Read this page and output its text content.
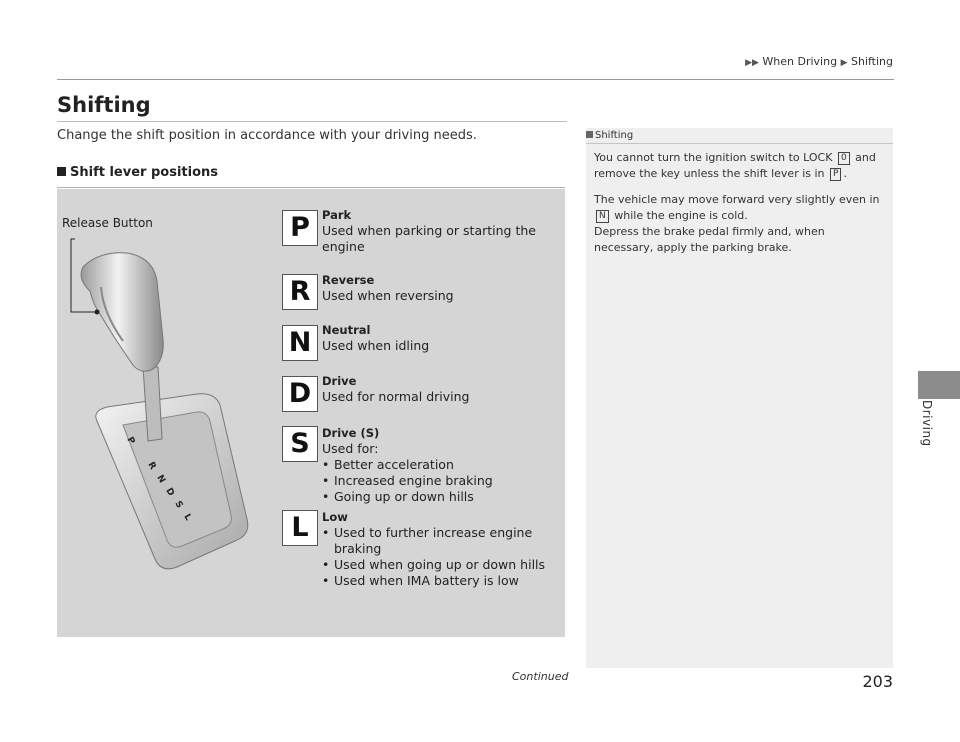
▶▶ When Driving ▶ Shifting
Driving
Shifting
Change the shift position in accordance with your driving needs.
Shift lever positions
P
R
N
D
S
L
Release Button	P	Park
Used when parking or starting the engine
R	Reverse
Used when reversing
N Neutral
Used when idling
D Drive
Used for normal driving
S	Drive (S)
Used for:
• Better acceleration
• Increased engine braking
• Going up or down hills
L	Low
• Used to further increase engine braking
• Used when going up or down hills
• Used when IMA battery is low
Shifting

You cannot turn the ignition switch to LOCK 0 and remove the key unless the shift lever is in P .

The vehicle may move forward very slightly even in N while the engine is cold.
Depress the brake pedal firmly and, when necessary, apply the parking brake.

Continued	203
